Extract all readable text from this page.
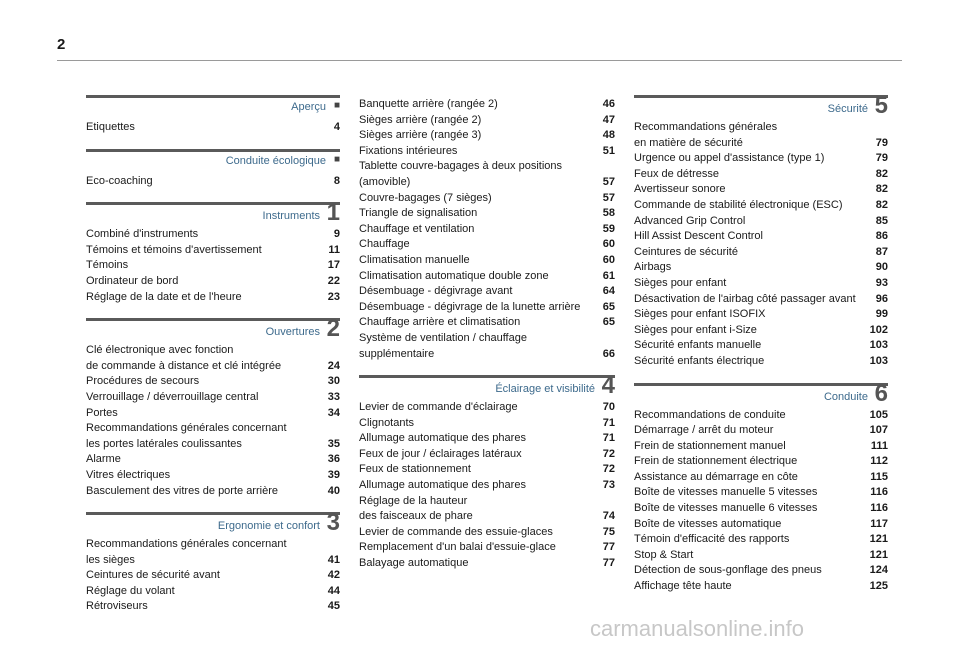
2
Aperçu ■
Etiquettes	4
Conduite écologique ■
Eco-coaching	8
Instruments 1
Combiné d'instruments	9
Témoins et témoins d'avertissement	11
Témoins	17
Ordinateur de bord	22
Réglage de la date et de l'heure	23
Ouvertures 2
Clé électronique avec fonction
de commande à distance et clé intégrée	24
Procédures de secours	30
Verrouillage / déverrouillage central	33
Portes	34
Recommandations générales concernant
les portes latérales coulissantes	35
Alarme	36
Vitres électriques	39
Basculement des vitres de porte arrière	40
Ergonomie et confort 3
Recommandations générales concernant
les sièges	41
Ceintures de sécurité avant	42
Réglage du volant	44
Rétroviseurs	45
Banquette arrière (rangée 2)	46
Sièges arrière (rangée 2)	47
Sièges arrière (rangée 3)	48
Fixations intérieures	51
Tablette couvre-bagages à deux positions
(amovible)	57
Couvre-bagages (7 sièges)	57
Triangle de signalisation	58
Chauffage et ventilation	59
Chauffage	60
Climatisation manuelle	60
Climatisation automatique double zone	61
Désembuage - dégivrage avant	64
Désembuage - dégivrage de la lunette arrière	65
Chauffage arrière et climatisation	65
Système de ventilation / chauffage
supplémentaire	66
Éclairage et visibilité 4
Levier de commande d'éclairage	70
Clignotants	71
Allumage automatique des phares	71
Feux de jour / éclairages latéraux	72
Feux de stationnement	72
Allumage automatique des phares	73
Réglage de la hauteur
des faisceaux de phare	74
Levier de commande des essuie-glaces	75
Remplacement d'un balai d'essuie-glace	77
Balayage automatique	77
Sécurité 5
Recommandations générales
en matière de sécurité	79
Urgence ou appel d'assistance (type 1)	79
Feux de détresse	82
Avertisseur sonore	82
Commande de stabilité électronique (ESC)	82
Advanced Grip Control	85
Hill Assist Descent Control	86
Ceintures de sécurité	87
Airbags	90
Sièges pour enfant	93
Désactivation de l'airbag côté passager avant	96
Sièges pour enfant ISOFIX	99
Sièges pour enfant i-Size	102
Sécurité enfants manuelle	103
Sécurité enfants électrique	103
Conduite 6
Recommandations de conduite	105
Démarrage / arrêt du moteur	107
Frein de stationnement manuel	111
Frein de stationnement électrique	112
Assistance au démarrage en côte	115
Boîte de vitesses manuelle 5 vitesses	116
Boîte de vitesses manuelle 6 vitesses	116
Boîte de vitesses automatique	117
Témoin d'efficacité des rapports	121
Stop & Start	121
Détection de sous-gonflage des pneus	124
Affichage tête haute	125
carmanualsonline.info
